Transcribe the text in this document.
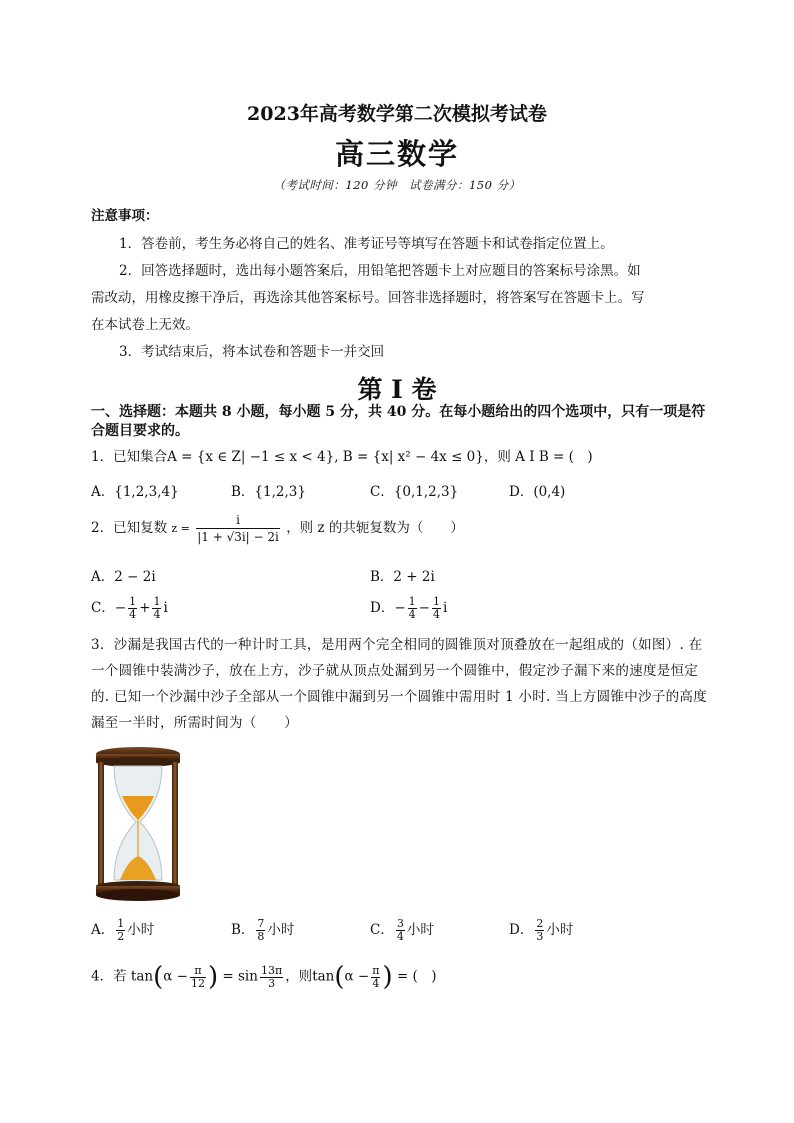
2023年高考数学第二次模拟考试卷
高三数学
（考试时间：120 分钟　试卷满分：150 分）
注意事项：
1．答卷前，考生务必将自己的姓名、准考证号等填写在答题卡和试卷指定位置上。
2．回答选择题时，选出每小题答案后，用铅笔把答题卡上对应题目的答案标号涂黑。如
需改动，用橡皮擦干净后，再选涂其他答案标号。回答非选择题时，将答案写在答题卡上。写
在本试卷上无效。
3．考试结束后，将本试卷和答题卡一并交回
第 I 卷
一、选择题：本题共 8 小题，每小题 5 分，共 40 分。在每小题给出的四个选项中，只有一项是符合题目要求的。
1．已知集合A = {x ∈ Z| −1 ≤ x < 4}, B = {x| x² − 4x ≤ 0}，则 A I B = (　)
A．{1,2,3,4}	B．{1,2,3}	C．{0,1,2,3}	D．(0,4)
2．已知复数 $z = \frac{i}{|1 + √3i| - 2i}$ ，则 z 的共轭复数为（　　）
A．2 − 2i	B．2 + 2i
C．− $\frac{1}{4} + \frac{1}{4}$ i	D．− $\frac{1}{4} - \frac{1}{4}$ i
3．沙漏是我国古代的一种计时工具，是用两个完全相同的圆锥顶对顶叠放在一起组成的（如图）. 在一个圆锥中装满沙子，放在上方，沙子就从顶点处漏到另一个圆锥中，假定沙子漏下来的速度是恒定的. 已知一个沙漏中沙子全部从一个圆锥中漏到另一个圆锥中需用时 1 小时. 当上方圆锥中沙子的高度漏至一半时，所需时间为（　　）
A． $\frac{1}{2}$ 小时	B． $\frac{7}{8}$ 小时	C． $\frac{3}{4}$ 小时	D． $\frac{2}{3}$ 小时
4．若 $\tan(\alpha - \frac{\pi}{12}$ ) = $\sin \frac{13\pi}{3}$ ，则$\tan(\alpha - \frac{\pi}{4}$ ) = (　)
